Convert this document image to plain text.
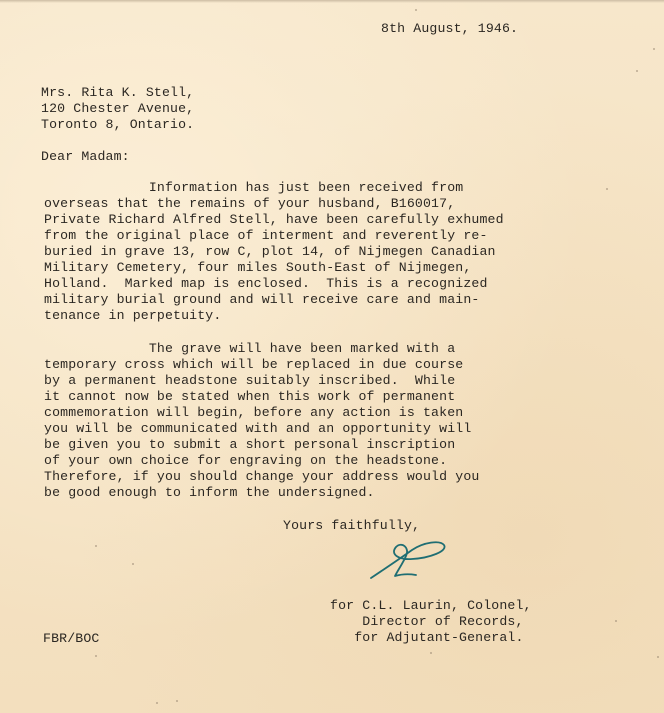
8th August, 1946.
Mrs. Rita K. Stell,
120 Chester Avenue,
Toronto 8, Ontario.
Dear Madam:
Information has just been received from
overseas that the remains of your husband, B160017,
Private Richard Alfred Stell, have been carefully exhumed
from the original place of interment and reverently re-
buried in grave 13, row C, plot 14, of Nijmegen Canadian
Military Cemetery, four miles South-East of Nijmegen,
Holland.  Marked map is enclosed.  This is a recognized
military burial ground and will receive care and main-
tenance in perpetuity.
The grave will have been marked with a
temporary cross which will be replaced in due course
by a permanent headstone suitably inscribed.  While
it cannot now be stated when this work of permanent
commemoration will begin, before any action is taken
you will be communicated with and an opportunity will
be given you to submit a short personal inscription
of your own choice for engraving on the headstone.
Therefore, if you should change your address would you
be good enough to inform the undersigned.
Yours faithfully,
for C.L. Laurin, Colonel,
Director of Records,
for Adjutant-General.
FBR/BOC
